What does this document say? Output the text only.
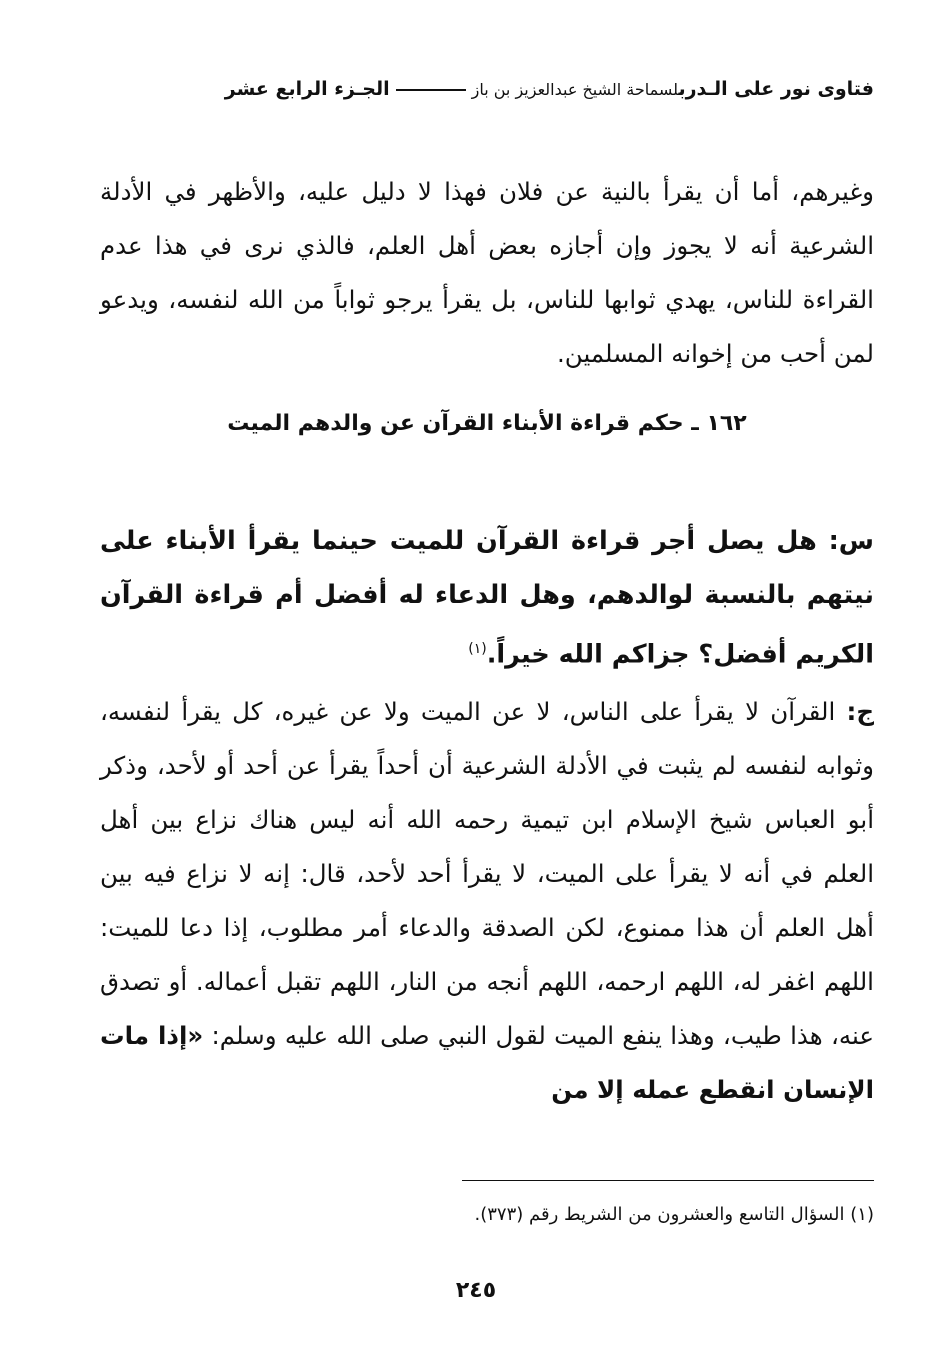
فتاوى نور على الـدربلسماحة الشيخ عبدالعزيز بن بازالجـزء الرابع عشر

وغيرهم، أما أن يقرأ بالنية عن فلان فهذا لا دليل عليه، والأظهر في الأدلة الشرعية أنه لا يجوز وإن أجازه بعض أهل العلم، فالذي نرى في هذا عدم القراءة للناس، يهدي ثوابها للناس، بل يقرأ يرجو ثواباً من الله لنفسه، ويدعو لمن أحب من إخوانه المسلمين.

١٦٢ ـ حكم قراءة الأبناء القرآن عن والدهم الميت

س: هل يصل أجر قراءة القرآن للميت حينما يقرأ الأبناء على نيتهم بالنسبة لوالدهم، وهل الدعاء له أفضل أم قراءة القرآن الكريم أفضل؟ جزاكم الله خيراً.$^{(١)}$

ج: القرآن لا يقرأ على الناس، لا عن الميت ولا عن غيره، كل يقرأ لنفسه، وثوابه لنفسه لم يثبت في الأدلة الشرعية أن أحداً يقرأ عن أحد أو لأحد، وذكر أبو العباس شيخ الإسلام ابن تيمية رحمه الله أنه ليس هناك نزاع بين أهل العلم في أنه لا يقرأ على الميت، لا يقرأ أحد لأحد، قال: إنه لا نزاع فيه بين أهل العلم أن هذا ممنوع، لكن الصدقة والدعاء أمر مطلوب، إذا دعا للميت: اللهم اغفر له، اللهم ارحمه، اللهم أنجه من النار، اللهم تقبل أعماله. أو تصدق عنه، هذا طيب، وهذا ينفع الميت لقول النبي صلى الله عليه وسلم: «إذا مات الإنسان انقطع عمله إلا من

(١) السؤال التاسع والعشرون من الشريط رقم (٣٧٣).
٢٤٥
